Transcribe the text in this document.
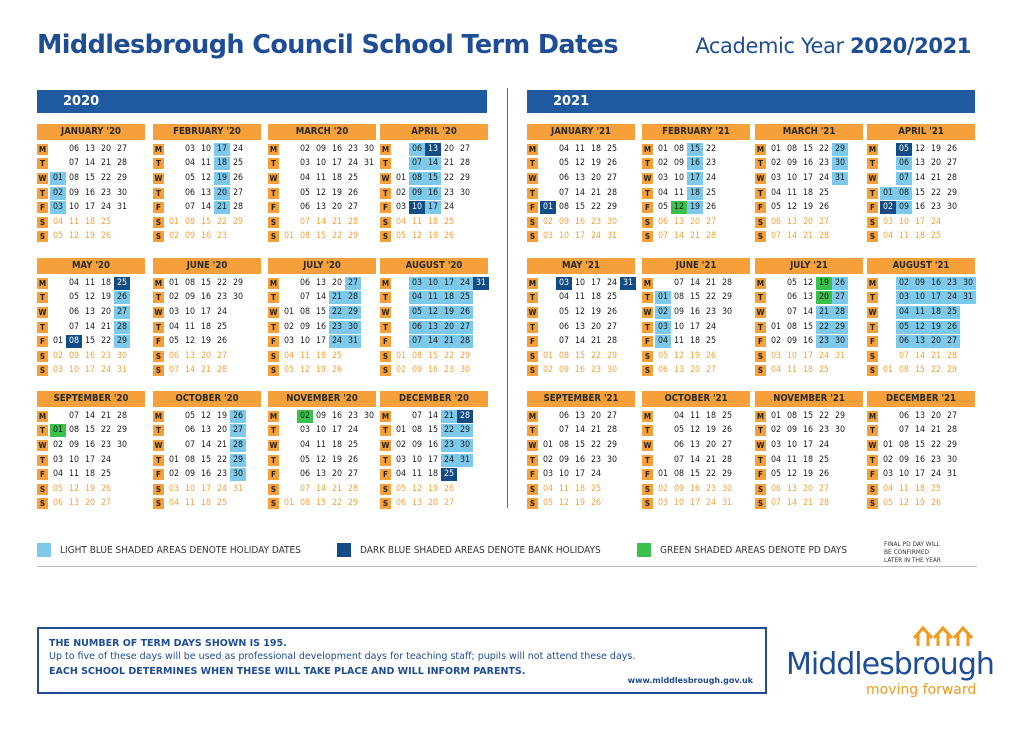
Middlesbrough Council School Term Dates	Academic Year 2020/2021
2020	2021
JANUARY '20
M	06 13 20 27
T	07 14 21 28
W 01 08 15 22 29
T 02 09 16 23 30
F 03 10 17 24 31
S 04 11 18 25
S 05 12 19 26
FEBRUARY '20
M	03 10 17 24
T	04 11 18 25
W	05 12 19 26
T	06 13 20 27
F	07 14 21 28
S 01 08 15 22 29
S 02 09 16 23
MARCH '20
M	02 09 16 23 30
T	03 10 17 24 31
W	04 11 18 25
T	05 12 19 26
F	06 13 20 27
S	07 14 21 28
S 01 08 15 22 29
APRIL '20
M	06 13 20 27
T	07 14 21 28
W 01 08 15 22 29
T 02 09 16 23 30
F 03 10 17 24
S 04 11 18 25
S 05 12 19 26
MAY '20
M	04 11 18 25
T	05 12 19 26
W	06 13 20 27
T	07 14 21 28
F 01 08 15 22 29
S 02 09 16 23 30
S 03 10 17 24 31
JUNE '20
M 01 08 15 22 29
T 02 09 16 23 30
W 03 10 17 24
T 04 11 18 25
F 05 12 19 26
S 06 13 20 27
S 07 14 21 28
JULY '20
M	06 13 20 27
T	07 14 21 28
W 01 08 15 22 29
T 02 09 16 23 30
F 03 10 17 24 31
S 04 11 18 25
S 05 12 19 26
AUGUST '20
M	03 10 17 24 31
T	04 11 18 25
W	05 12 19 26
T	06 13 20 27
F	07 14 21 28
S 01 08 15 22 29
S 02 09 16 23 30
SEPTEMBER '20
M	07 14 21 28
T 01 08 15 22 29
W 02 09 16 23 30
T 03 10 17 24
F 04 11 18 25
S 05 12 19 26
S 06 13 20 27
OCTOBER '20
M	05 12 19 26
T	06 13 20 27
W	07 14 21 28
T 01 08 15 22 29
F 02 09 16 23 30
S 03 10 17 24 31
S 04 11 18 25
NOVEMBER '20
M	02 09 16 23 30
T	03 10 17 24
W	04 11 18 25
T	05 12 19 26
F	06 13 20 27
S	07 14 21 28
S 01 08 15 22 29
DECEMBER '20
M	07 14 21 28
T 01 08 15 22 29
W 02 09 16 23 30
T 03 10 17 24 31
F 04 11 18 25
S 05 12 19 26
S 06 13 20 27
JANUARY '21
M	04 11 18 25
T	05 12 19 26
W	06 13 20 27
T	07 14 21 28
F 01 08 15 22 29
S 02 09 16 23 30
S 03 10 17 24 31
FEBRUARY '21
M 01 08 15 22
T 02 09 16 23
W 03 10 17 24
T 04 11 18 25
F 05 12 19 26
S 06 13 20 27
S 07 14 21 28
MARCH '21
M 01 08 15 22 29
T 02 09 16 23 30
W 03 10 17 24 31
T 04 11 18 25
F 05 12 19 26
S 06 13 20 27
S 07 14 21 28
APRIL '21
M	05 12 19 26
T	06 13 20 27
W	07 14 21 28
T 01 08 15 22 29
F 02 09 16 23 30
S 03 10 17 24
S 04 11 18 25
MAY '21
M	03 10 17 24 31
T	04 11 18 25
W	05 12 19 26
T	06 13 20 27
F	07 14 21 28
S 01 08 15 22 29
S 02 09 16 23 30
JUNE '21
M	07 14 21 28
T 01 08 15 22 29
W 02 09 16 23 30
T 03 10 17 24
F 04 11 18 25
S 05 12 19 26
S 06 13 20 27
JULY '21
M	05 12 19 26
T	06 13 20 27
W	07 14 21 28
T 01 08 15 22 29
F 02 09 16 23 30
S 03 10 17 24 31
S 04 11 18 25
AUGUST '21
M	02 09 16 23 30
T	03 10 17 24 31
W	04 11 18 25
T	05 12 19 26
F	06 13 20 27
S	07 14 21 28
S 01 08 15 22 29
SEPTEMBER '21
M	06 13 20 27
T	07 14 21 28
W 01 08 15 22 29
T 02 09 16 23 30
F 03 10 17 24
S 04 11 18 25
S 05 12 19 26
OCTOBER '21
M	04 11 18 25
T	05 12 19 26
W	06 13 20 27
T	07 14 21 28
F 01 08 15 22 29
S 02 09 16 23 30
S 03 10 17 24 31
NOVEMBER '21
M 01 08 15 22 29
T 02 09 16 23 30
W 03 10 17 24
T 04 11 18 25
F 05 12 19 26
S 06 13 20 27
S 07 14 21 28
DECEMBER '21
M	06 13 20 27
T	07 14 21 28
W 01 08 15 22 29
T 02 09 16 23 30
F 03 10 17 24 31
S 04 11 18 25
S 05 12 19 26
LIGHT BLUE SHADED AREAS DENOTE HOLIDAY DATES	DARK BLUE SHADED AREAS DENOTE BANK HOLIDAYS	GREEN SHADED AREAS DENOTE PD DAYS
FINAL PD DAY WILL
BE CONFIRMED
LATER IN THE YEAR
THE NUMBER OF TERM DAYS SHOWN IS 195.
Up to five of these days will be used as professional development days for teaching staff; pupils will not attend these days.
EACH SCHOOL DETERMINES WHEN THESE WILL TAKE PLACE AND WILL INFORM PARENTS.
www.middlesbrough.gov.uk Middlesbrough
moving forward
